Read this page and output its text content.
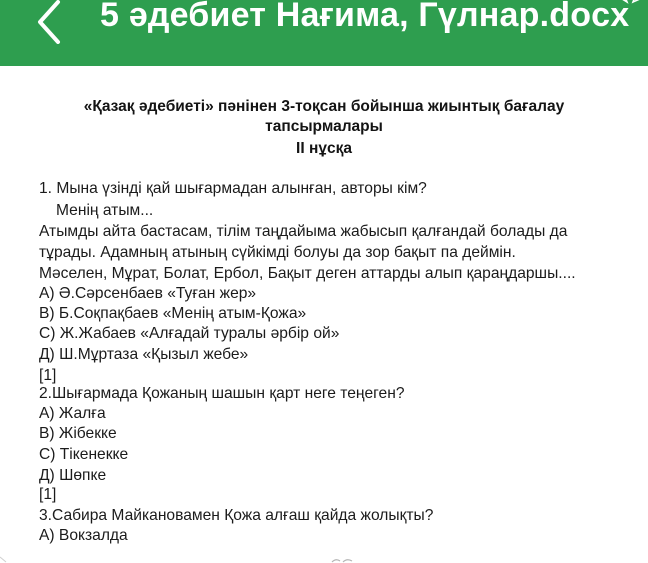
5 әдебиет Нағима, Гүлнар.docx
«Қазақ әдебиеті» пәнінен 3-тоқсан бойынша жиынтық бағалау
тапсырмалары
ІІ нұсқа
1. Мына үзінді қай шығармадан алынған, авторы кім?
Менің атым...
Атымды айта бастасам, тілім таңдайыма жабысып қалғандай болады да
тұрады. Адамның атының сүйкімді болуы да зор бақыт па деймін.
Мәселен, Мұрат, Болат, Ербол, Бақыт деген аттарды алып қараңдаршы....
А) Ә.Сәрсенбаев «Туған жер»
В) Б.Соқпақбаев «Менің атым-Қожа»
С) Ж.Жабаев «Алғадай туралы әрбір ой»
Д) Ш.Мұртаза «Қызыл жебе»
[1]
2.Шығармада Қожаның шашын қарт неге теңеген?
А) Жалға
В) Жібекке
С) Тікенекке
Д) Шөпке
[1]
3.Сабира Майкановамен Қожа алғаш қайда жолықты?
А) Вокзалда
